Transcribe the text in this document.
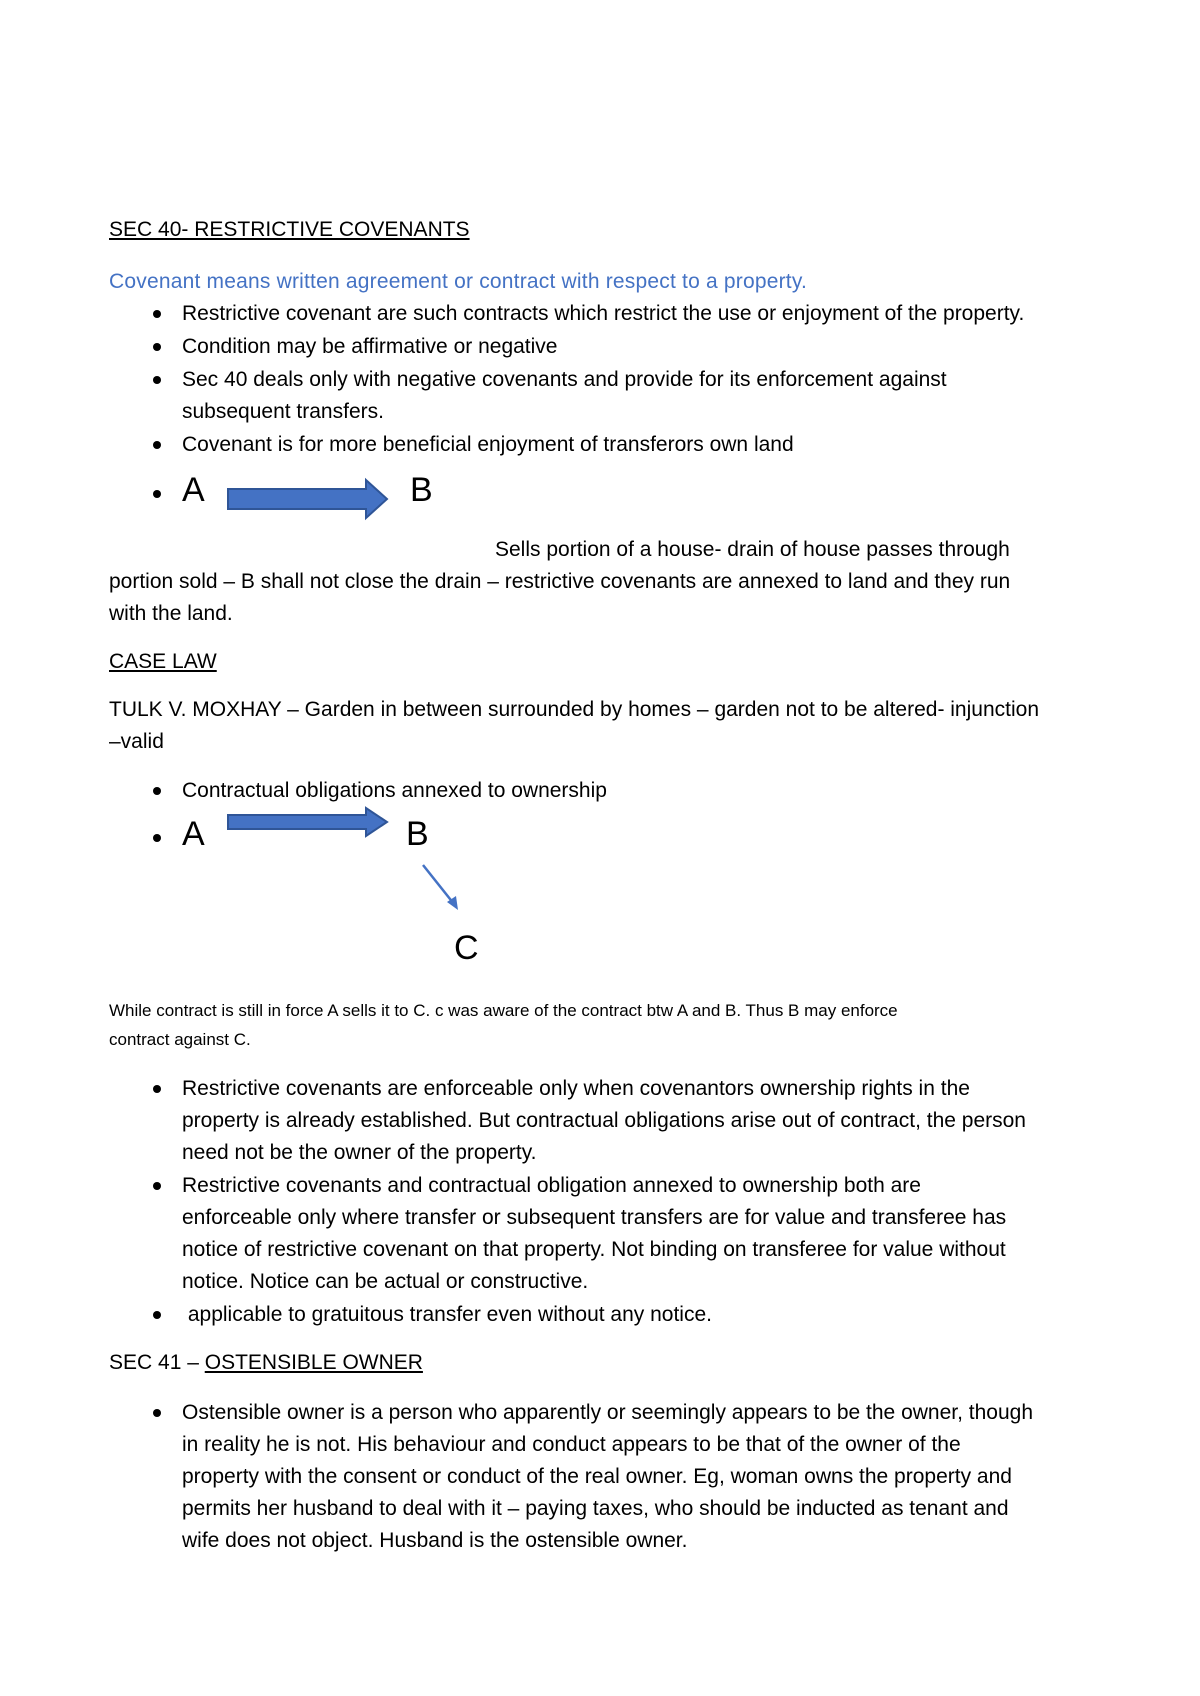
SEC 40- RESTRICTIVE COVENANTS
Covenant means written agreement or contract with respect to a property.
Restrictive covenant are such contracts which restrict the use or enjoyment of the property.
Condition may be affirmative or negative
Sec 40 deals only with negative covenants and provide for its enforcement against
subsequent transfers.
Covenant is for more beneficial enjoyment of transferors own land
A	B
Sells portion of a house- drain of house passes through
portion sold – B shall not close the drain – restrictive covenants are annexed to land and they run
with the land.
CASE LAW
TULK V. MOXHAY – Garden in between surrounded by homes – garden not to be altered- injunction
–valid
Contractual obligations annexed to ownership
A	B
C
While contract is still in force A sells it to C. c was aware of the contract btw A and B. Thus B may enforce
contract against C.
Restrictive covenants are enforceable only when covenantors ownership rights in the
property is already established. But contractual obligations arise out of contract, the person
need not be the owner of the property.
Restrictive covenants and contractual obligation annexed to ownership both are
enforceable only where transfer or subsequent transfers are for value and transferee has
notice of restrictive covenant on that property. Not binding on transferee for value without
notice. Notice can be actual or constructive.
applicable to gratuitous transfer even without any notice.
SEC 41 – OSTENSIBLE OWNER
Ostensible owner is a person who apparently or seemingly appears to be the owner, though
in reality he is not. His behaviour and conduct appears to be that of the owner of the
property with the consent or conduct of the real owner. Eg, woman owns the property and
permits her husband to deal with it – paying taxes, who should be inducted as tenant and
wife does not object. Husband is the ostensible owner.
